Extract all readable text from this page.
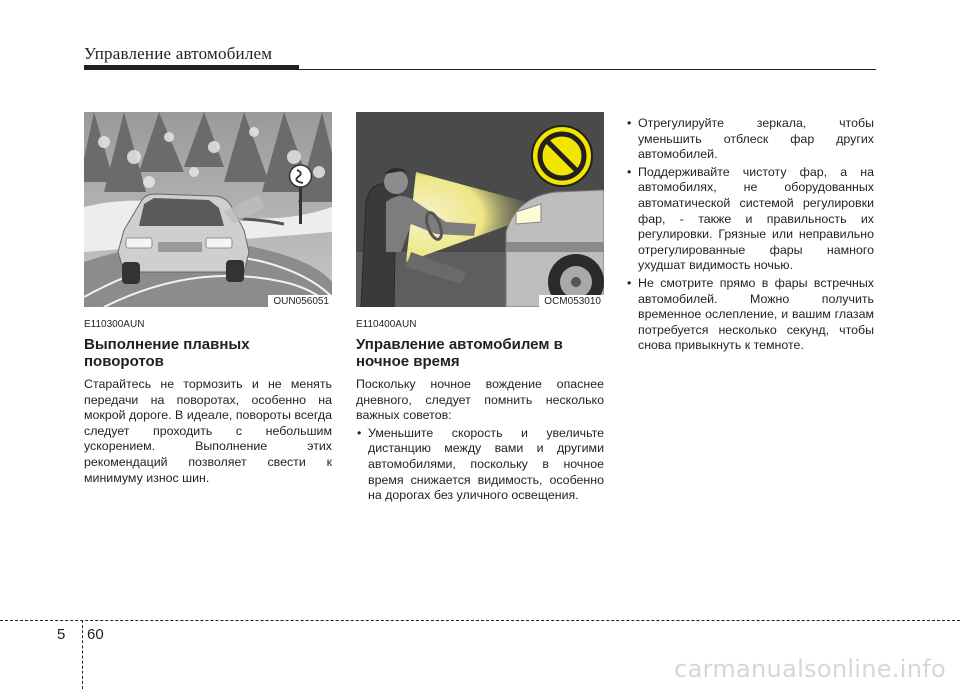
Управление автомобилем
OUN056051
E110300AUN
Выполнение плавных поворотов

Старайтесь не тормозить и не менять передачи на поворотах, особенно на мокрой дороге. В идеале, повороты всегда следует проходить с небольшим ускорением. Выполнение этих рекомендаций позволяет свести к минимуму износ шин.

OCM053010
E110400AUN
Управление автомобилем в ночное время

Поскольку ночное вождение опаснее дневного, следует помнить несколько важных советов:

• Уменьшите скорость и увеличьте дистанцию между вами и другими автомобилями, поскольку в ночное время снижается видимость, особенно на дорогах без уличного освещения.
• Отрегулируйте зеркала, чтобы уменьшить отблеск фар других автомобилей.
• Поддерживайте чистоту фар, а на автомобилях, не оборудованных автоматической системой регулировки фар, - также и правильность их регулировки. Грязные или неправильно отрегулированные фары намного ухудшат видимость ночью.
• Не смотрите прямо в фары встречных автомобилей. Можно получить временное ослепление, и вашим глазам потребуется несколько секунд, чтобы снова привыкнуть к темноте.
5 60
carmanualsonline.info
